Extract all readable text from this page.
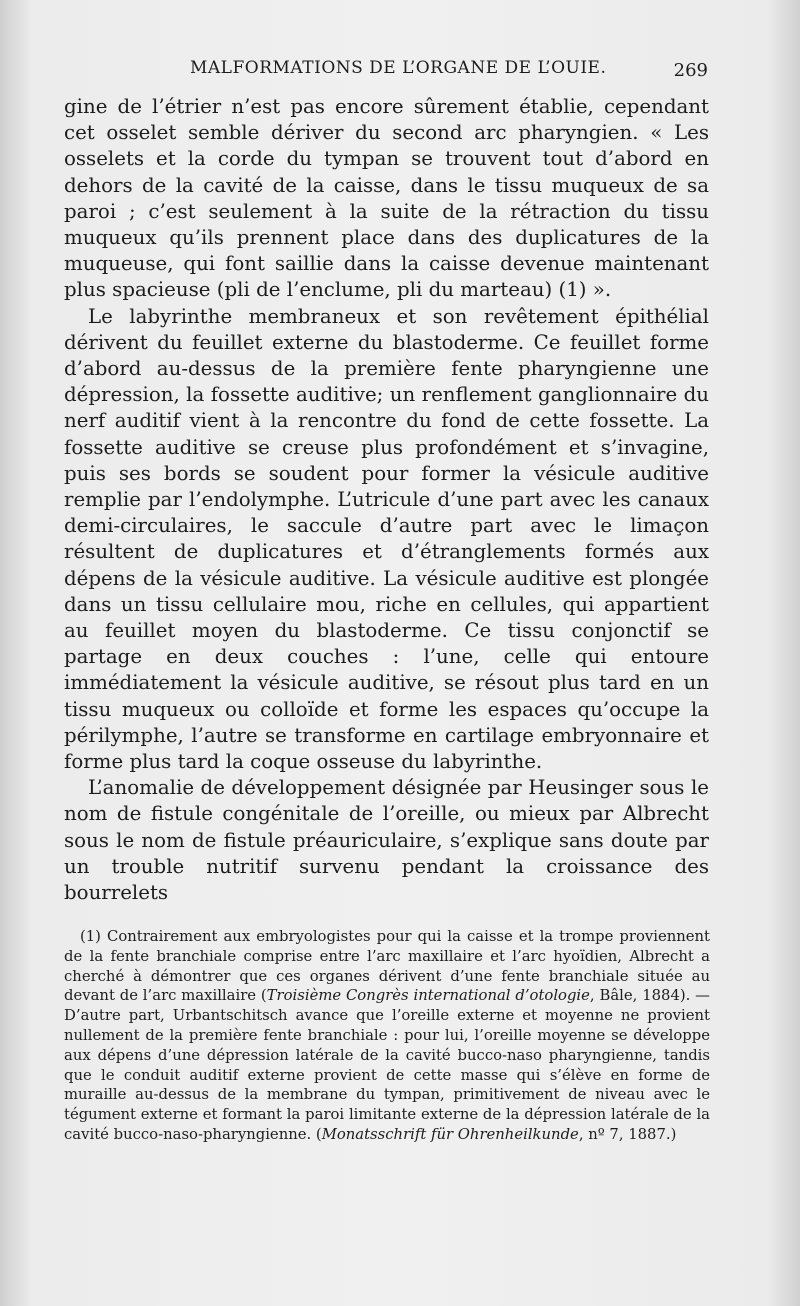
MALFORMATIONS DE L’ORGANE DE L’OUIE.	269

gine de l’étrier n’est pas encore sûrement établie, cependant cet osselet semble dériver du second arc pharyngien. « Les osselets et la corde du tympan se trouvent tout d’abord en dehors de la cavité de la caisse, dans le tissu muqueux de sa paroi ; c’est seulement à la suite de la rétraction du tissu muqueux qu’ils prennent place dans des duplicatures de la muqueuse, qui font saillie dans la caisse devenue maintenant plus spacieuse (pli de l’enclume, pli du marteau) (1) ».

Le labyrinthe membraneux et son revêtement épithélial dérivent du feuillet externe du blastoderme. Ce feuillet forme d’abord au-dessus de la première fente pharyngienne une dépression, la fossette auditive; un renflement ganglionnaire du nerf auditif vient à la rencontre du fond de cette fossette. La fossette auditive se creuse plus profondément et s’invagine, puis ses bords se soudent pour former la vésicule auditive remplie par l’endolymphe. L’utricule d’une part avec les canaux demi-circulaires, le saccule d’autre part avec le limaçon résultent de duplicatures et d’étranglements formés aux dépens de la vésicule auditive. La vésicule auditive est plongée dans un tissu cellulaire mou, riche en cellules, qui appartient au feuillet moyen du blastoderme. Ce tissu conjonctif se partage en deux couches : l’une, celle qui entoure immédiatement la vésicule auditive, se résout plus tard en un tissu muqueux ou colloïde et forme les espaces qu’occupe la périlymphe, l’autre se transforme en cartilage embryonnaire et forme plus tard la coque osseuse du labyrinthe.

L’anomalie de développement désignée par Heusinger sous le nom de fistule congénitale de l’oreille, ou mieux par Albrecht sous le nom de fistule préauriculaire, s’explique sans doute par un trouble nutritif survenu pendant la croissance des bourrelets

(1) Contrairement aux embryologistes pour qui la caisse et la trompe proviennent de la fente branchiale comprise entre l’arc maxillaire et l’arc hyoïdien, Albrecht a cherché à démontrer que ces organes dérivent d’une fente branchiale située au devant de l’arc maxillaire (Troisième Congrès international d’otologie, Bâle, 1884). — D’autre part, Urbantschitsch avance que l’oreille externe et moyenne ne provient nullement de la première fente branchiale : pour lui, l’oreille moyenne se développe aux dépens d’une dépression latérale de la cavité bucco-naso pharyngienne, tandis que le conduit auditif externe provient de cette masse qui s’élève en forme de muraille au-dessus de la membrane du tympan, primitivement de niveau avec le tégument externe et formant la paroi limitante externe de la dépression latérale de la cavité bucco-naso-pharyngienne. (Monatsschrift für Ohrenheilkunde, nº 7, 1887.)
